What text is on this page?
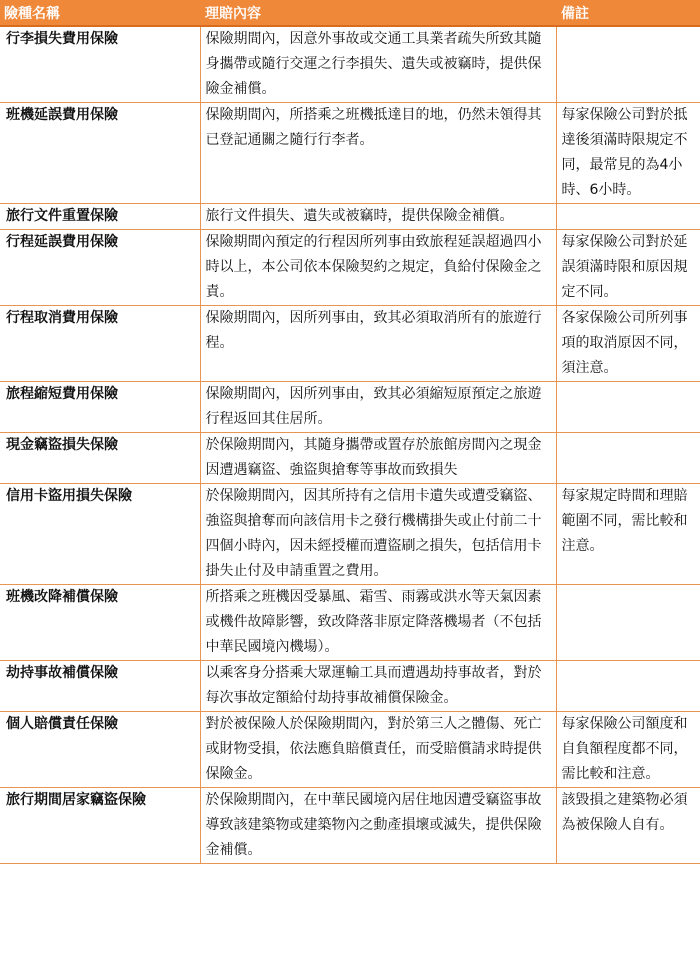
險種名稱	理賠內容	備註
行李損失費用保險	保險期間內，因意外事故或交通工具業者疏失所致其隨身攜帶或隨行交運之行李損失、遺失或被竊時，提供保險金補償。	
班機延誤費用保險	保險期間內，所搭乘之班機抵達目的地，仍然未領得其已登記通關之隨行行李者。	每家保險公司對於抵達後須滿時限規定不同，最常見的為4小時、6小時。
旅行文件重置保險	旅行文件損失、遺失或被竊時，提供保險金補償。	
行程延誤費用保險	保險期間內預定的行程因所列事由致旅程延誤超過四小時以上，本公司依本保險契約之規定，負給付保險金之責。	每家保險公司對於延誤須滿時限和原因規定不同。
行程取消費用保險	保險期間內，因所列事由，致其必須取消所有的旅遊行程。	各家保險公司所列事項的取消原因不同，須注意。
旅程縮短費用保險	保險期間內，因所列事由，致其必須縮短原預定之旅遊行程返回其住居所。	
現金竊盜損失保險	於保險期間內，其隨身攜帶或置存於旅館房間內之現金因遭遇竊盜、強盜與搶奪等事故而致損失	
信用卡盜用損失保險	於保險期間內，因其所持有之信用卡遺失或遭受竊盜、強盜與搶奪而向該信用卡之發行機構掛失或止付前二十四個小時內，因未經授權而遭盜刷之損失，包括信用卡掛失止付及申請重置之費用。	每家規定時間和理賠範圍不同，需比較和注意。
班機改降補償保險	所搭乘之班機因受暴風、霜雪、雨霧或洪水等天氣因素或機件故障影響，致改降落非原定降落機場者（不包括中華民國境內機場）。	
劫持事故補償保險	以乘客身分搭乘大眾運輸工具而遭遇劫持事故者，對於每次事故定額給付劫持事故補償保險金。	
個人賠償責任保險	對於被保險人於保險期間內，對於第三人之體傷、死亡或財物受損，依法應負賠償責任，而受賠償請求時提供保險金。	每家保險公司額度和自負額程度都不同，需比較和注意。
旅行期間居家竊盜保險	於保險期間內，在中華民國境內居住地因遭受竊盜事故導致該建築物或建築物內之動產損壞或滅失，提供保險金補償。	該毀損之建築物必須為被保險人自有。
